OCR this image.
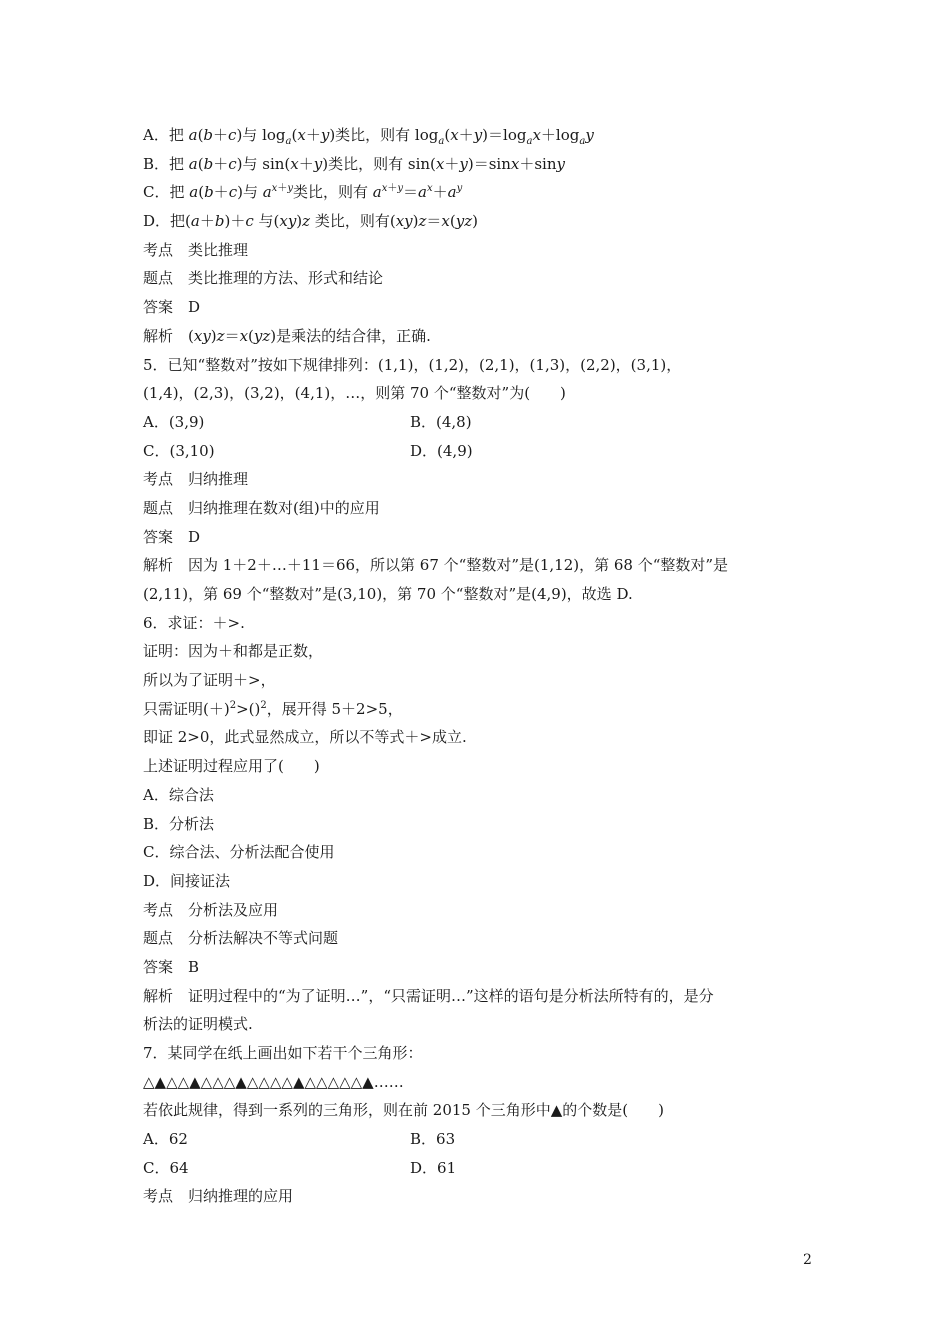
A．把 a(b＋c)与 $\log_a(x+y)$类比，则有 $\log_a(x+y)=\log_ax+\log_ay$
B．把 a(b＋c)与 sin(x＋y)类比，则有 sin(x＋y)＝sinx＋siny
C．把 a(b＋c)与 $a^{x+y}$类比，则有 $a^{x+y}=a^x+a^y$
D．把(a＋b)＋c 与(xy)z 类比，则有(xy)z＝x(yz)
考点　类比推理
题点　类比推理的方法、形式和结论
答案　D
解析　(xy)z＝x(yz)是乘法的结合律，正确.
5．已知“整数对”按如下规律排列：(1,1)，(1,2)，(2,1)，(1,3)，(2,2)，(3,1)，
(1,4)，(2,3)，(3,2)，(4,1)，…，则第 70 个“整数对”为(　　)
A．(3,9)	B．(4,8)
C．(3,10)	D．(4,9)
考点　归纳推理
题点　归纳推理在数对(组)中的应用
答案　D
解析　因为 1＋2＋…＋11＝66，所以第 67 个“整数对”是(1,12)，第 68 个“整数对”是
(2,11)，第 69 个“整数对”是(3,10)，第 70 个“整数对”是(4,9)，故选 D.
6．求证：＋>.
证明：因为＋和都是正数，
所以为了证明＋>，
只需证明$(+)^2>()^2$，展开得 5＋2>5，
即证 2>0，此式显然成立，所以不等式＋>成立.
上述证明过程应用了(　　)
A．综合法
B．分析法
C．综合法、分析法配合使用
D．间接证法
考点　分析法及应用
题点　分析法解决不等式问题
答案　B
解析　证明过程中的“为了证明…”，“只需证明…”这样的语句是分析法所特有的，是分
析法的证明模式.
7．某同学在纸上画出如下若干个三角形：
△▲△△▲△△△▲△△△△▲△△△△△▲……
若依此规律，得到一系列的三角形，则在前 2015 个三角形中▲的个数是(　　)
A．62	B．63
C．64	D．61
考点　归纳推理的应用
2
